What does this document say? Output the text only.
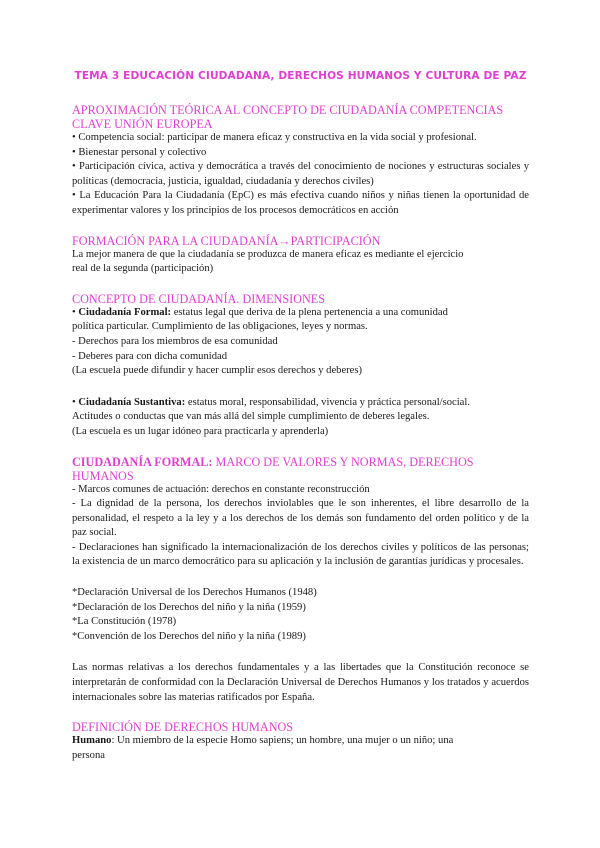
TEMA 3 EDUCACIÓN CIUDADANA, DERECHOS HUMANOS Y CULTURA DE PAZ

APROXIMACIÓN TEÓRICA AL CONCEPTO DE CIUDADANÍA COMPETENCIAS CLAVE UNIÓN EUROPEA

• Competencia social: participar de manera eficaz y constructiva en la vida social y profesional.

• Bienestar personal y colectivo

• Participación cívica, activa y democrática a través del conocimiento de nociones y estructuras sociales y políticas (democracia, justicia, igualdad, ciudadanía y derechos civiles)

• La Educación Para la Ciudadanía (EpC) es más efectiva cuando niños y niñas tienen la oportunidad de experimentar valores y los principios de los procesos democráticos en acción

FORMACIÓN PARA LA CIUDADANÍA→PARTICIPACIÓN

La mejor manera de que la ciudadanía se produzca de manera eficaz es mediante el ejercicio

real de la segunda (participación)

CONCEPTO DE CIUDADANÍA. DIMENSIONES

• Ciudadanía Formal: estatus legal que deriva de la plena pertenencia a una comunidad

política particular. Cumplimiento de las obligaciones, leyes y normas.

- Derechos para los miembros de esa comunidad

- Deberes para con dicha comunidad

(La escuela puede difundir y hacer cumplir esos derechos y deberes)

• Ciudadanía Sustantiva: estatus moral, responsabilidad, vivencia y práctica personal/social.

Actitudes o conductas que van más allá del simple cumplimiento de deberes legales.

(La escuela es un lugar idóneo para practicarla y aprenderla)

CIUDADANÍA FORMAL: MARCO DE VALORES Y NORMAS, DERECHOS HUMANOS

- Marcos comunes de actuación: derechos en constante reconstrucción

- La dignidad de la persona, los derechos inviolables que le son inherentes, el libre desarrollo de la personalidad, el respeto a la ley y a los derechos de los demás son fundamento del orden político y de la paz social.

- Declaraciones han significado la internacionalización de los derechos civiles y políticos de las personas; la existencia de un marco democrático para su aplicación y la inclusión de garantías jurídicas y procesales.

*Declaración Universal de los Derechos Humanos (1948)

*Declaración de los Derechos del niño y la niña (1959)

*La Constitución (1978)

*Convención de los Derechos del niño y la niña (1989)

Las normas relativas a los derechos fundamentales y a las libertades que la Constitución reconoce se interpretarán de conformidad con la Declaración Universal de Derechos Humanos y los tratados y acuerdos internacionales sobre las materias ratificados por España.

DEFINICIÓN DE DERECHOS HUMANOS

Humano: Un miembro de la especie Homo sapiens; un hombre, una mujer o un niño; una

persona
